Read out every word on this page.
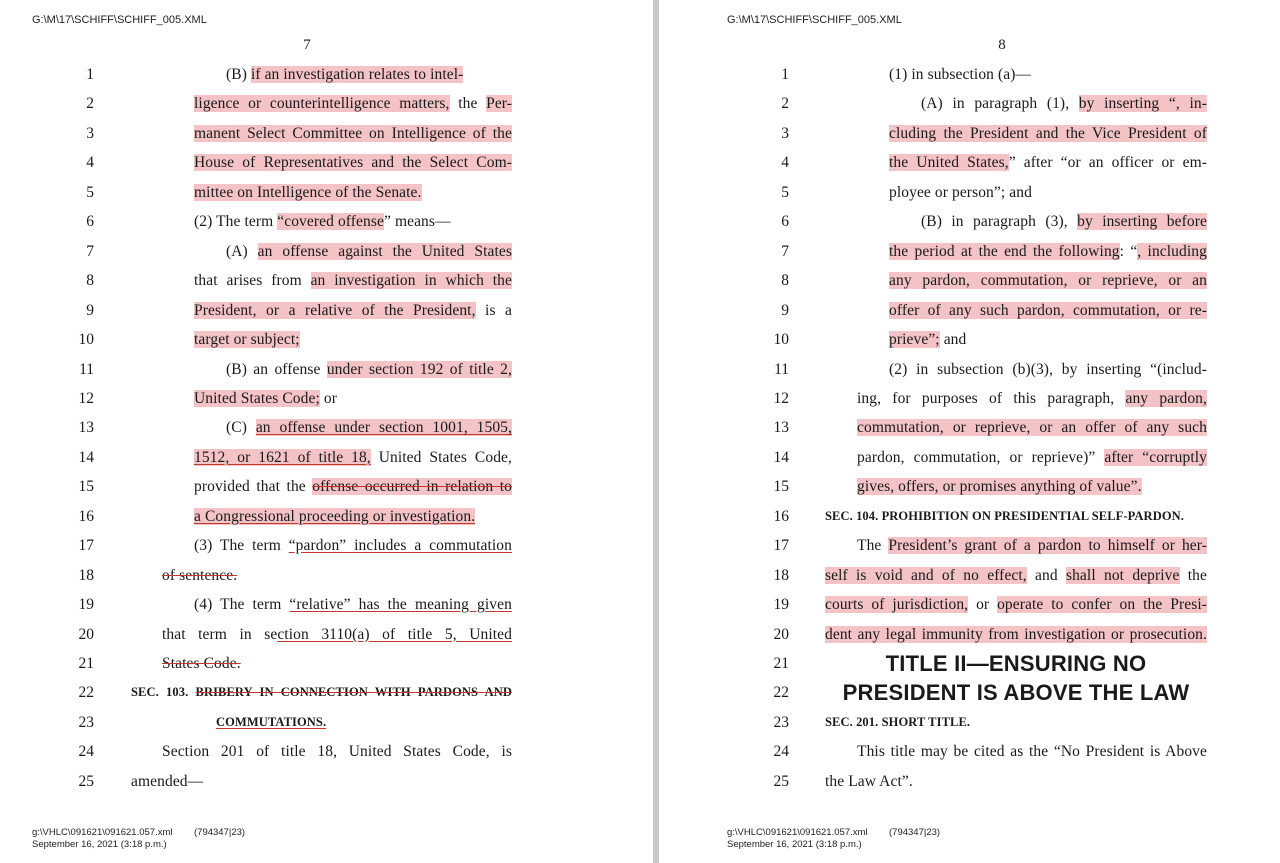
G:\M\17\SCHIFF\SCHIFF_005.XML
7
1	(B) if an investigation relates to intel-
2	ligence or counterintelligence matters, the Per-
3	manent Select Committee on Intelligence of the
4	House of Representatives and the Select Com-
5	mittee on Intelligence of the Senate.
6	(2) The term “covered offense” means—
7	(A) an offense against the United States
8	that arises from an investigation in which the
9	President, or a relative of the President, is a
10	target or subject;
11	(B) an offense under section 192 of title 2,
12	United States Code; or
13	(C) an offense under section 1001, 1505,
14	1512, or 1621 of title 18, United States Code,
15	provided that the offense occurred in relation to
16	a Congressional proceeding or investigation.
17	(3) The term “pardon” includes a commutation
18	of sentence.
19	(4) The term “relative” has the meaning given
20	that term in section 3110(a) of title 5, United
21	States Code.
22	SEC. 103. BRIBERY IN CONNECTION WITH PARDONS AND
23	COMMUTATIONS.
24	Section 201 of title 18, United States Code, is
25 amended—
g:\VHLC\091621\091621.057.xml
September 16, 2021 (3:18 p.m.)
(794347|23)
G:\M\17\SCHIFF\SCHIFF_005.XML
8
1	(1) in subsection (a)—
2	(A) in paragraph (1), by inserting “, in-
3	cluding the President and the Vice President of
4	the United States,” after “or an officer or em-
5	ployee or person”; and
6	(B) in paragraph (3), by inserting before
7	the period at the end the following: “, including
8	any pardon, commutation, or reprieve, or an
9	offer of any such pardon, commutation, or re-
10	prieve”; and
11	(2) in subsection (b)(3), by inserting “(includ-
12	ing, for purposes of this paragraph, any pardon,
13	commutation, or reprieve, or an offer of any such
14	pardon, commutation, or reprieve)” after “corruptly
15	gives, offers, or promises anything of value”.
16	SEC. 104. PROHIBITION ON PRESIDENTIAL SELF-PARDON.
17	The President’s grant of a pardon to himself or her-
18 self is void and of no effect, and shall not deprive the
19 courts of jurisdiction, or operate to confer on the Presi-
20 dent any legal immunity from investigation or prosecution.
21	TITLE II—ENSURING NO
22	PRESIDENT IS ABOVE THE LAW
23	SEC. 201. SHORT TITLE.
24	This title may be cited as the “No President is Above
25 the Law Act”.
g:\VHLC\091621\091621.057.xml
September 16, 2021 (3:18 p.m.)
(794347|23)
